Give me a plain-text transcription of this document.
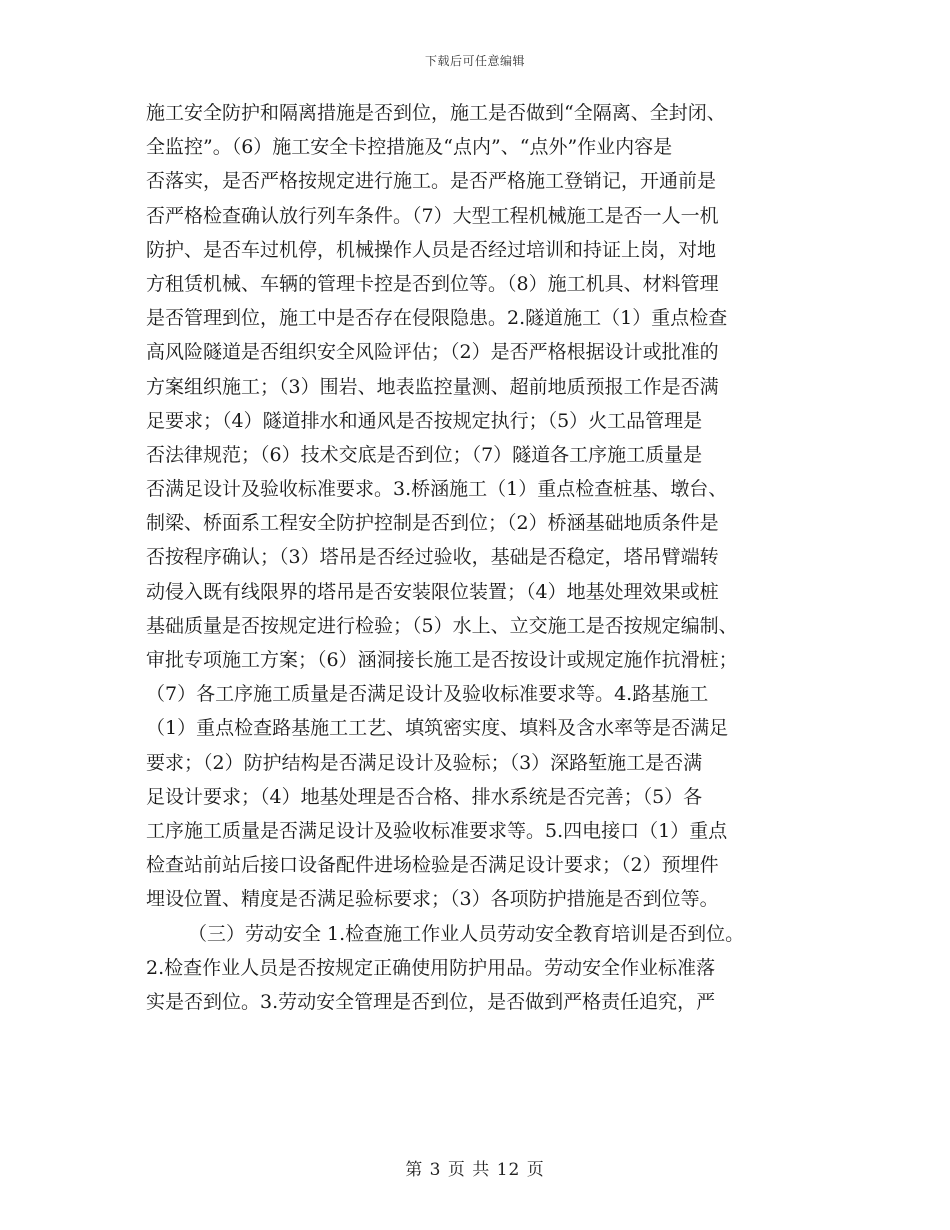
下载后可任意编辑
施工安全防护和隔离措施是否到位，施工是否做到“全隔离、全封闭、
全监控”。（6）施工安全卡控措施及“点内”、“点外”作业内容是
否落实，是否严格按规定进行施工。是否严格施工登销记，开通前是
否严格检查确认放行列车条件。（7）大型工程机械施工是否一人一机
防护、是否车过机停，机械操作人员是否经过培训和持证上岗，对地
方租赁机械、车辆的管理卡控是否到位等。（8）施工机具、材料管理
是否管理到位，施工中是否存在侵限隐患。2.隧道施工（1）重点检查
高风险隧道是否组织安全风险评估；（2）是否严格根据设计或批准的
方案组织施工；（3）围岩、地表监控量测、超前地质预报工作是否满
足要求；（4）隧道排水和通风是否按规定执行；（5）火工品管理是
否法律规范；（6）技术交底是否到位；（7）隧道各工序施工质量是
否满足设计及验收标准要求。3.桥涵施工（1）重点检查桩基、墩台、
制梁、桥面系工程安全防护控制是否到位；（2）桥涵基础地质条件是
否按程序确认；（3）塔吊是否经过验收，基础是否稳定，塔吊臂端转
动侵入既有线限界的塔吊是否安装限位装置；（4）地基处理效果或桩
基础质量是否按规定进行检验；（5）水上、立交施工是否按规定编制、
审批专项施工方案；（6）涵洞接长施工是否按设计或规定施作抗滑桩；
（7）各工序施工质量是否满足设计及验收标准要求等。4.路基施工
（1）重点检查路基施工工艺、填筑密实度、填料及含水率等是否满足
要求；（2）防护结构是否满足设计及验标；（3）深路堑施工是否满
足设计要求；（4）地基处理是否合格、排水系统是否完善；（5）各
工序施工质量是否满足设计及验收标准要求等。5.四电接口（1）重点
检查站前站后接口设备配件进场检验是否满足设计要求；（2）预埋件
埋设位置、精度是否满足验标要求；（3）各项防护措施是否到位等。
（三）劳动安全 1.检查施工作业人员劳动安全教育培训是否到位。
2.检查作业人员是否按规定正确使用防护用品。劳动安全作业标准落
实是否到位。3.劳动安全管理是否到位，是否做到严格责任追究，严
第 3 页 共 12 页
